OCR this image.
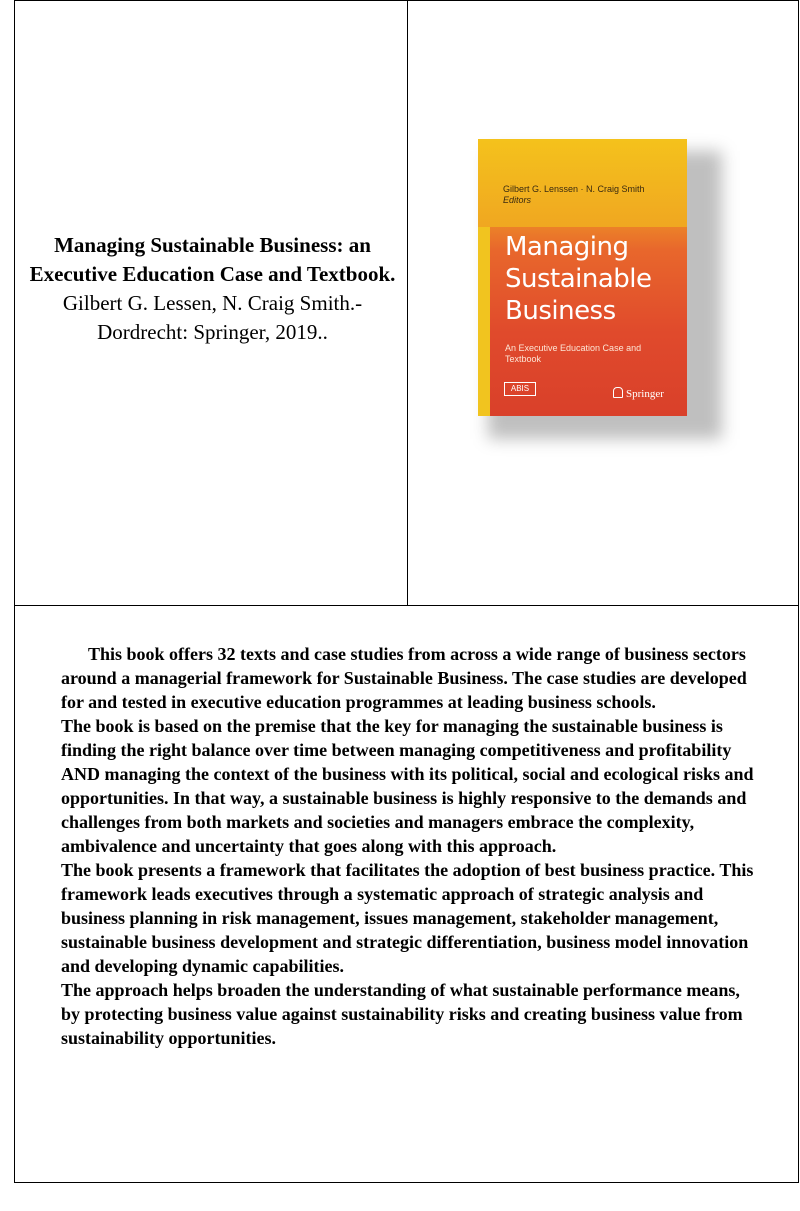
Managing Sustainable Business: an Executive Education Case and Textbook. Gilbert G. Lessen, N. Craig Smith.- Dordrecht: Springer, 2019..
Gilbert G. Lenssen · N. Craig Smith
Editors
Managing
Sustainable
Business
An Executive Education Case and Textbook
ABIS	Springer

This book offers 32 texts and case studies from across a wide range of business sectors around a managerial framework for Sustainable Business. The case studies are developed for and tested in executive education programmes at leading business schools.

The book is based on the premise that the key for managing the sustainable business is finding the right balance over time between managing competitiveness and profitability AND managing the context of the business with its political, social and ecological risks and opportunities. In that way, a sustainable business is highly responsive to the demands and challenges from both markets and societies and managers embrace the complexity, ambivalence and uncertainty that goes along with this approach.

The book presents a framework that facilitates the adoption of best business practice. This framework leads executives through a systematic approach of strategic analysis and business planning in risk management, issues management, stakeholder management, sustainable business development and strategic differentiation, business model innovation and developing dynamic capabilities.

The approach helps broaden the understanding of what sustainable performance means, by protecting business value against sustainability risks and creating business value from sustainability opportunities.
